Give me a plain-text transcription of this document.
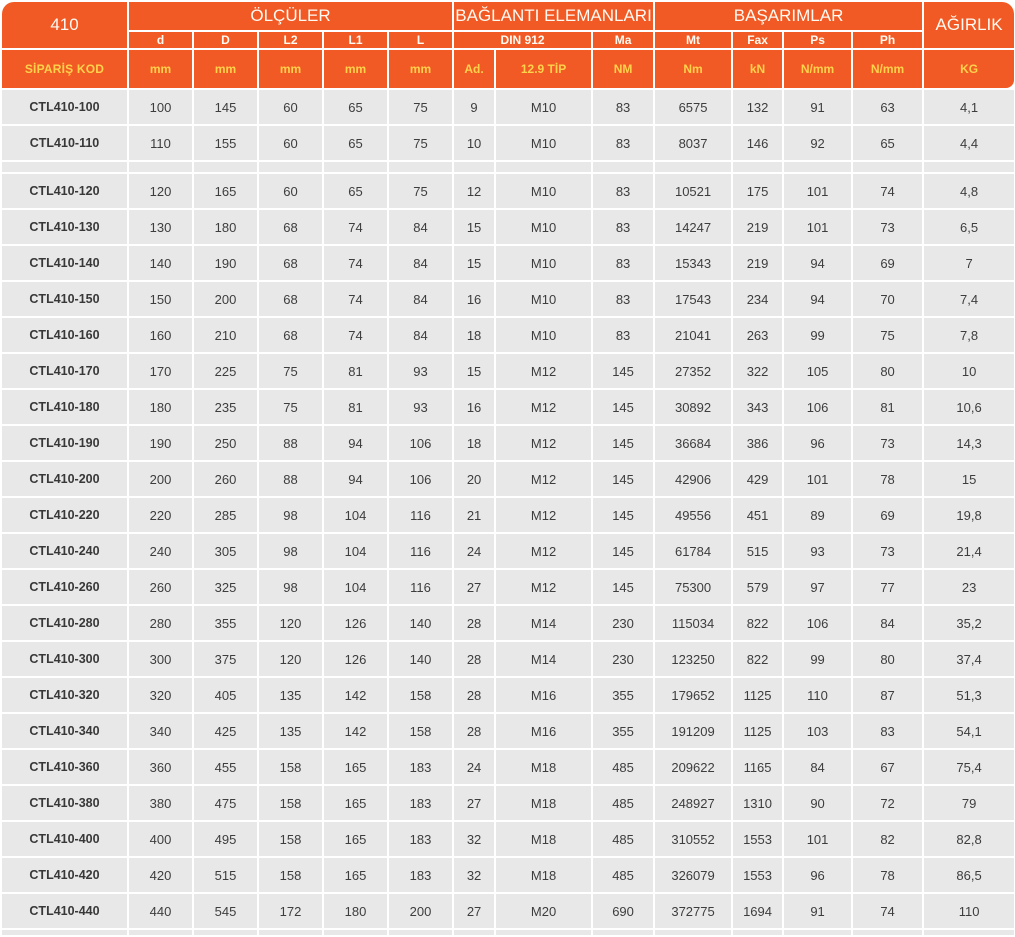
410	ÖLÇÜLER					BAĞLANTI ELEMANLARI			BAŞARIMLAR				AĞIRLIK
	d	D	L2	L1	L	DIN 912		Ma	Mt	Fax	Ps	Ph	
SİPARİŞ KOD	mm	mm	mm	mm	mm	Ad.	12.9 TİP	NM	Nm	kN	N/mm	N/mm	KG
CTL410-100	100	145	60	65	75	9	M10	83	6575	132	91	63	4,1
CTL410-110	110	155	60	65	75	10	M10	83	8037	146	92	65	4,4

CTL410-120	120	165	60	65	75	12	M10	83	10521	175	101	74	4,8
CTL410-130	130	180	68	74	84	15	M10	83	14247	219	101	73	6,5
CTL410-140	140	190	68	74	84	15	M10	83	15343	219	94	69	7
CTL410-150	150	200	68	74	84	16	M10	83	17543	234	94	70	7,4
CTL410-160	160	210	68	74	84	18	M10	83	21041	263	99	75	7,8
CTL410-170	170	225	75	81	93	15	M12	145	27352	322	105	80	10
CTL410-180	180	235	75	81	93	16	M12	145	30892	343	106	81	10,6
CTL410-190	190	250	88	94	106	18	M12	145	36684	386	96	73	14,3
CTL410-200	200	260	88	94	106	20	M12	145	42906	429	101	78	15
CTL410-220	220	285	98	104	116	21	M12	145	49556	451	89	69	19,8
CTL410-240	240	305	98	104	116	24	M12	145	61784	515	93	73	21,4
CTL410-260	260	325	98	104	116	27	M12	145	75300	579	97	77	23
CTL410-280	280	355	120	126	140	28	M14	230	115034	822	106	84	35,2
CTL410-300	300	375	120	126	140	28	M14	230	123250	822	99	80	37,4
CTL410-320	320	405	135	142	158	28	M16	355	179652	1125	110	87	51,3
CTL410-340	340	425	135	142	158	28	M16	355	191209	1125	103	83	54,1
CTL410-360	360	455	158	165	183	24	M18	485	209622	1165	84	67	75,4
CTL410-380	380	475	158	165	183	27	M18	485	248927	1310	90	72	79
CTL410-400	400	495	158	165	183	32	M18	485	310552	1553	101	82	82,8
CTL410-420	420	515	158	165	183	32	M18	485	326079	1553	96	78	86,5
CTL410-440	440	545	172	180	200	27	M20	690	372775	1694	91	74	110
